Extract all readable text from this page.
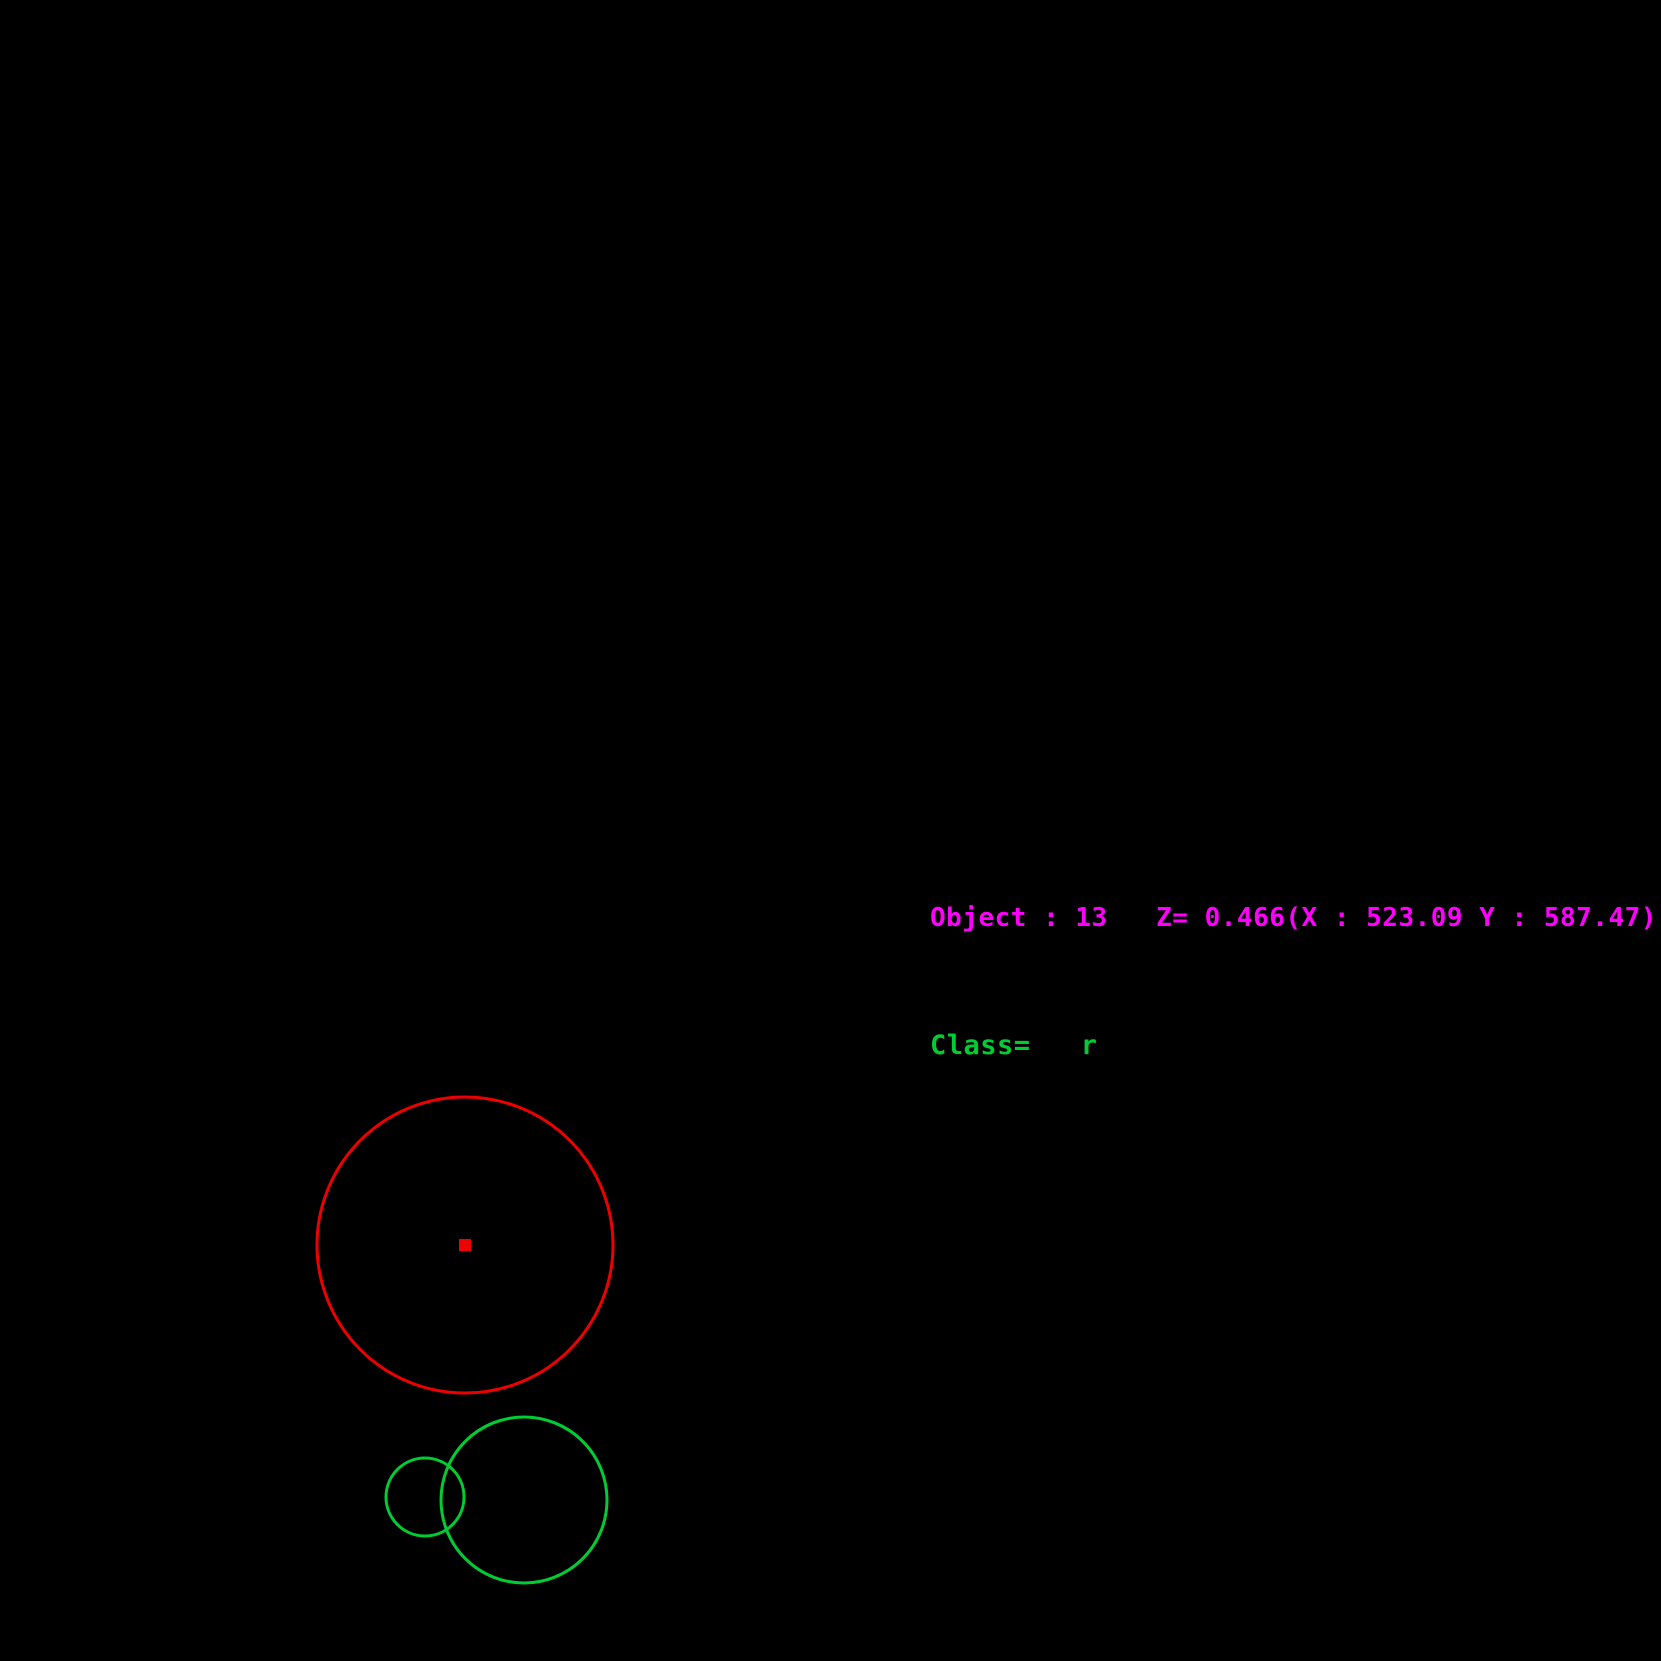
Object : 13   Z= 0.466(X : 523.09 Y : 587.47)
Class=   r
